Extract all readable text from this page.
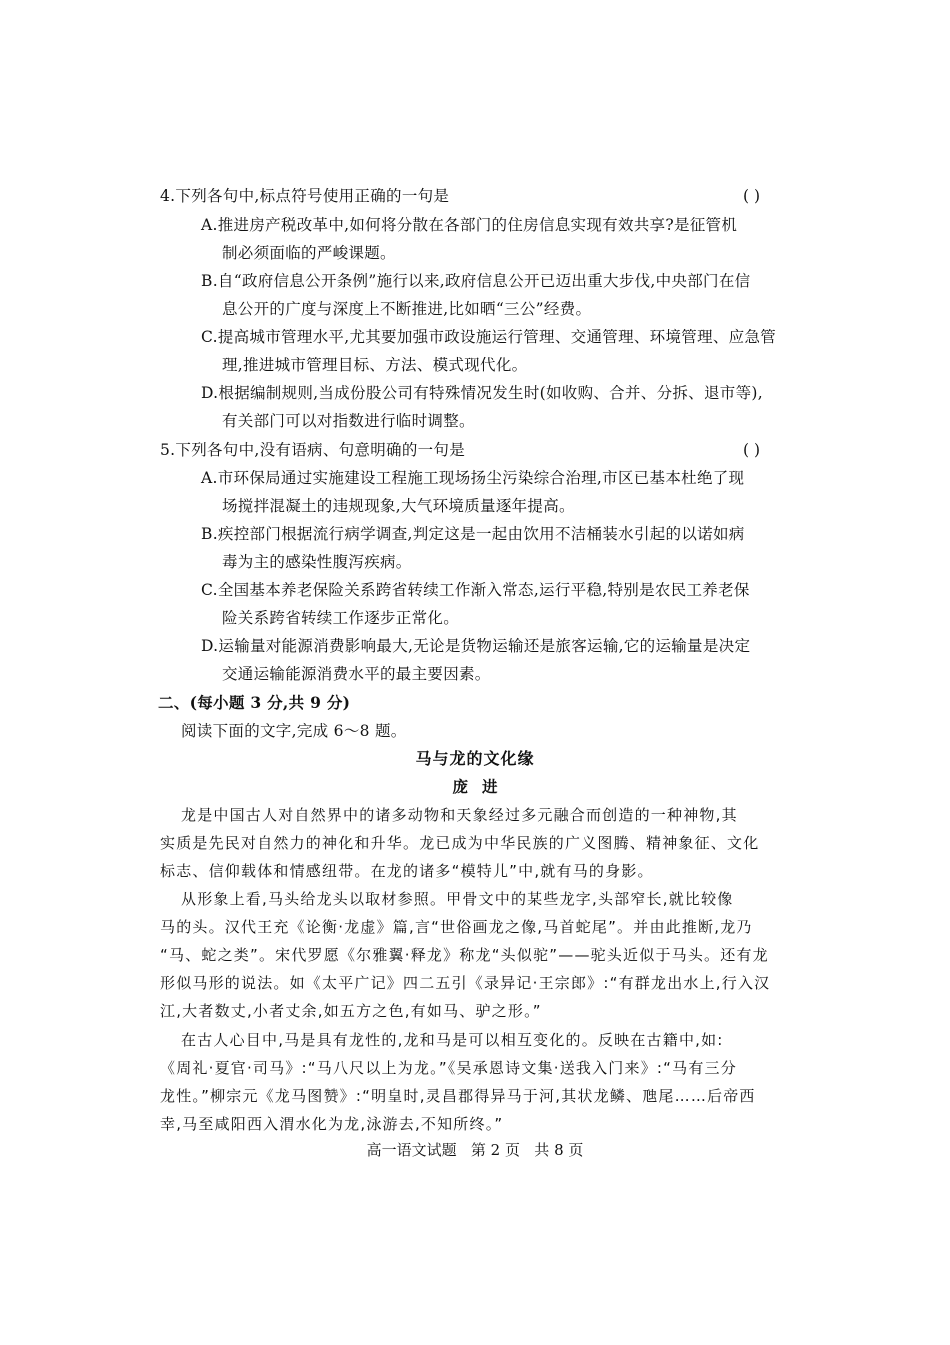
4.下列各句中,标点符号使用正确的一句是	( )
A.推进房产税改革中,如何将分散在各部门的住房信息实现有效共享?是征管机
制必须面临的严峻课题。
B.自“政府信息公开条例”施行以来,政府信息公开已迈出重大步伐,中央部门在信
息公开的广度与深度上不断推进,比如晒“三公”经费。
C.提高城市管理水平,尤其要加强市政设施运行管理、交通管理、环境管理、应急管
理,推进城市管理目标、方法、模式现代化。
D.根据编制规则,当成份股公司有特殊情况发生时(如收购、合并、分拆、退市等),
有关部门可以对指数进行临时调整。
5.下列各句中,没有语病、句意明确的一句是	( )
A.市环保局通过实施建设工程施工现场扬尘污染综合治理,市区已基本杜绝了现
场搅拌混凝土的违规现象,大气环境质量逐年提高。
B.疾控部门根据流行病学调查,判定这是一起由饮用不洁桶装水引起的以诺如病
毒为主的感染性腹泻疾病。
C.全国基本养老保险关系跨省转续工作渐入常态,运行平稳,特别是农民工养老保
险关系跨省转续工作逐步正常化。
D.运输量对能源消费影响最大,无论是货物运输还是旅客运输,它的运输量是决定
交通运输能源消费水平的最主要因素。
二、(每小题 3 分,共 9 分)
阅读下面的文字,完成 6～8 题。
马与龙的文化缘
庞进
龙是中国古人对自然界中的诸多动物和天象经过多元融合而创造的一种神物,其
实质是先民对自然力的神化和升华。龙已成为中华民族的广义图腾、精神象征、文化
标志、信仰载体和情感纽带。在龙的诸多“模特儿”中,就有马的身影。
从形象上看,马头给龙头以取材参照。甲骨文中的某些龙字,头部窄长,就比较像
马的头。汉代王充《论衡·龙虚》篇,言“世俗画龙之像,马首蛇尾”。并由此推断,龙乃
“马、蛇之类”。宋代罗愿《尔雅翼·释龙》称龙“头似驼”——驼头近似于马头。还有龙
形似马形的说法。如《太平广记》四二五引《录异记·王宗郎》:“有群龙出水上,行入汉
江,大者数丈,小者丈余,如五方之色,有如马、驴之形。”
在古人心目中,马是具有龙性的,龙和马是可以相互变化的。反映在古籍中,如:
《周礼·夏官·司马》:“马八尺以上为龙。”《吴承恩诗文集·送我入门来》:“马有三分
龙性。”柳宗元《龙马图赞》:“明皇时,灵昌郡得异马于河,其状龙鳞、虺尾……后帝西
幸,马至咸阳西入渭水化为龙,泳游去,不知所终。”
高一语文试题   第 2 页   共 8 页
